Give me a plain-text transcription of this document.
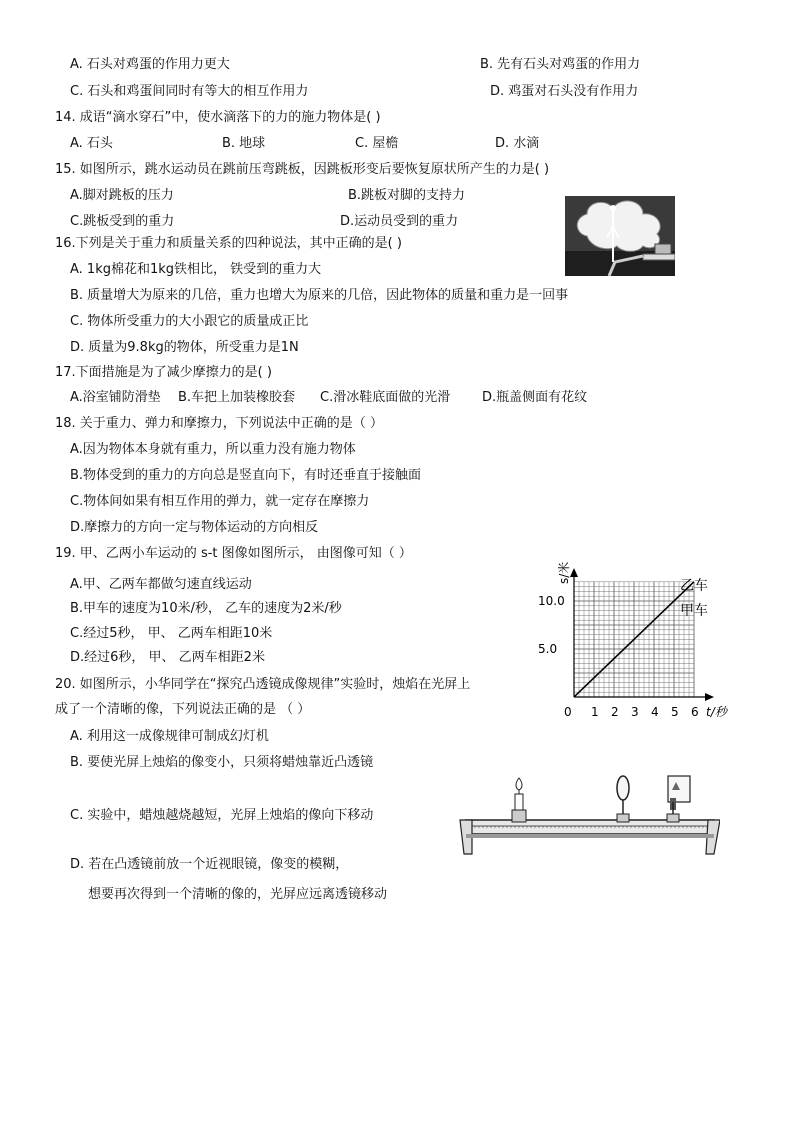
A. 石头对鸡蛋的作用力更大	B. 先有石头对鸡蛋的作用力
C. 石头和鸡蛋间同时有等大的相互作用力	D. 鸡蛋对石头没有作用力
14. 成语“滴水穿石”中，使水滴落下的力的施力物体是( )
A. 石头	B. 地球	C. 屋檐	D. 水滴
15. 如图所示，跳水运动员在跳前压弯跳板，因跳板形变后要恢复原状所产生的力是( )
A.脚对跳板的压力	B.跳板对脚的支持力
C.跳板受到的重力	D.运动员受到的重力
16.下列是关于重力和质量关系的四种说法，其中正确的是( )
A. 1kg棉花和1kg铁相比， 铁受到的重力大
B. 质量增大为原来的几倍，重力也增大为原来的几倍，因此物体的质量和重力是一回事
C. 物体所受重力的大小跟它的质量成正比
D. 质量为9.8kg的物体，所受重力是1N
17.下面措施是为了减少摩擦力的是( )
A.浴室铺防滑垫 B.车把上加装橡胶套 C.滑冰鞋底面做的光滑 D.瓶盖侧面有花纹
18. 关于重力、弹力和摩擦力，下列说法中正确的是（ ）
A.因为物体本身就有重力，所以重力没有施力物体
B.物体受到的重力的方向总是竖直向下，有时还垂直于接触面
C.物体间如果有相互作用的弹力，就一定存在摩擦力
D.摩擦力的方向一定与物体运动的方向相反
19. 甲、乙两小车运动的 s-t 图像如图所示， 由图像可知（ ）
A.甲、乙两车都做匀速直线运动
B.甲车的速度为10米/秒， 乙车的速度为2米/秒
C.经过5秒， 甲、 乙两车相距10米
D.经过6秒， 甲、 乙两车相距2米
s/米
t/秒
0 1 2 3 4 5 6
5.0
10.0
乙车
甲车
20. 如图所示，小华同学在“探究凸透镜成像规律”实验时，烛焰在光屏上
成了一个清晰的像，下列说法正确的是 （ ）
A. 利用这一成像规律可制成幻灯机
B. 要使光屏上烛焰的像变小，只须将蜡烛靠近凸透镜
C. 实验中，蜡烛越烧越短，光屏上烛焰的像向下移动
D. 若在凸透镜前放一个近视眼镜，像变的模糊，
想要再次得到一个清晰的像的，光屏应远离透镜移动
